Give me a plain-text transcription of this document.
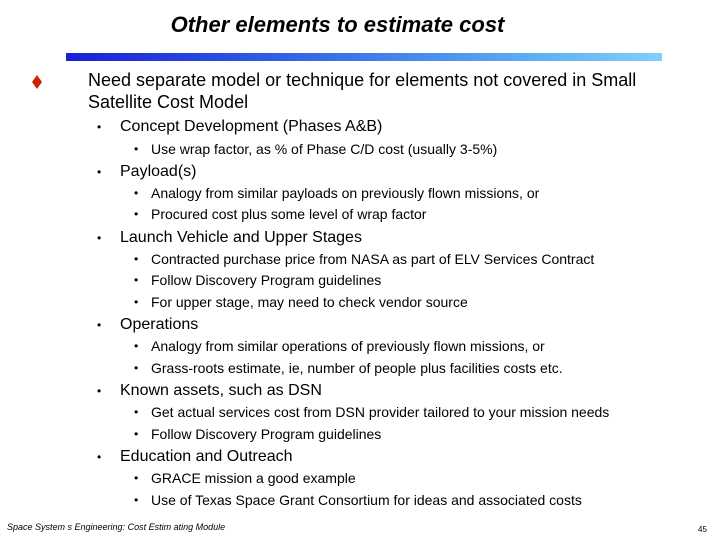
Other elements to estimate cost
Need separate model or technique for elements not covered in Small Satellite Cost Model
• Concept Development (Phases A&B)
• Use wrap factor, as % of Phase C/D cost (usually 3-5%)
• Payload(s)
• Analogy from similar payloads on previously flown missions, or
• Procured cost plus some level of wrap factor
• Launch Vehicle and Upper Stages
• Contracted purchase price from NASA as part of ELV Services Contract
• Follow Discovery Program guidelines
• For upper stage, may need to check vendor source
• Operations
• Analogy from similar operations of previously flown missions, or
• Grass-roots estimate, ie, number of people plus facilities costs etc.
• Known assets, such as DSN
• Get actual services cost from DSN provider tailored to your mission needs
• Follow Discovery Program guidelines
• Education and Outreach
• GRACE mission a good example
• Use of Texas Space Grant Consortium for ideas and associated costs
Space System s Engineering: Cost Estim ating Module	45
